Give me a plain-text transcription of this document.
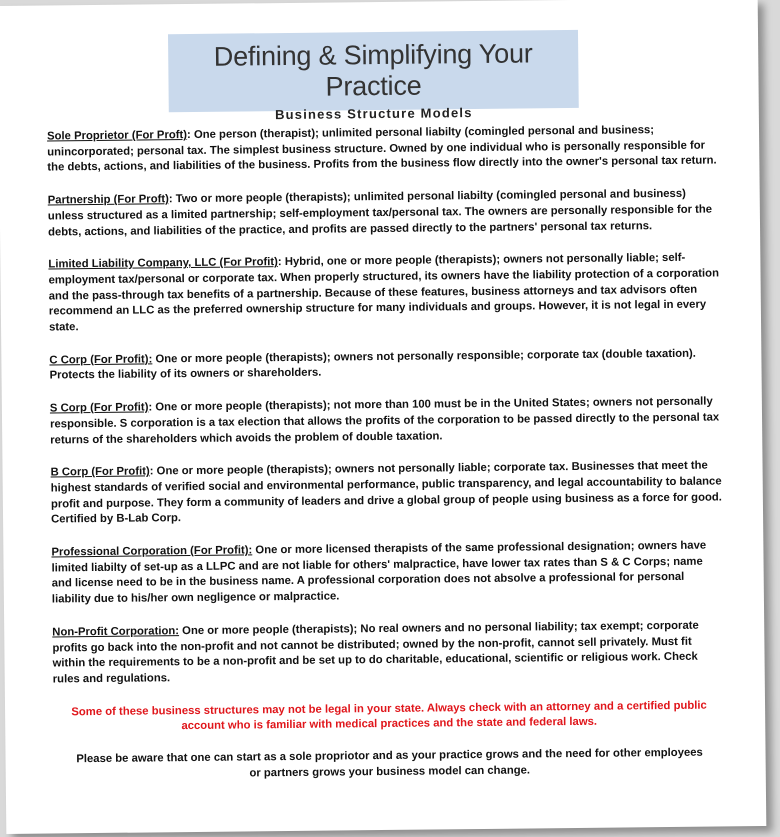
Defining & Simplifying Your Practice
Business Structure Models

Sole Proprietor (For Proft): One person (therapist); unlimited personal liabilty (comingled personal and business; unincorporated; personal tax. The simplest business structure. Owned by one individual who is personally responsible for the debts, actions, and liabilities of the business. Profits from the business flow directly into the owner's personal tax return.

Partnership (For Proft): Two or more people (therapists); unlimited personal liabilty (comingled personal and business) unless structured as a limited partnership; self-employment tax/personal tax. The owners are personally responsible for the debts, actions, and liabilities of the practice, and profits are passed directly to the partners' personal tax returns.

Limited Liability Company, LLC (For Profit): Hybrid, one or more people (therapists); owners not personally liable; self-employment tax/personal or corporate tax. When properly structured, its owners have the liability protection of a corporation and the pass-through tax benefits of a partnership. Because of these features, business attorneys and tax advisors often recommend an LLC as the preferred ownership structure for many individuals and groups. However, it is not legal in every state.

C Corp (For Profit): One or more people (therapists); owners not personally responsible; corporate tax (double taxation). Protects the liability of its owners or shareholders.

S Corp (For Profit): One or more people (therapists); not more than 100 must be in the United States; owners not personally responsible. S corporation is a tax election that allows the profits of the corporation to be passed directly to the personal tax returns of the shareholders which avoids the problem of double taxation.

B Corp (For Profit): One or more people (therapists); owners not personally liable; corporate tax. Businesses that meet the highest standards of verified social and environmental performance, public transparency, and legal accountability to balance profit and purpose. They form a community of leaders and drive a global group of people using business as a force for good. Certified by B-Lab Corp.

Professional Corporation (For Profit): One or more licensed therapists of the same professional designation; owners have limited liabilty of set-up as a LLPC and are not liable for others' malpractice, have lower tax rates than S & C Corps; name and license need to be in the business name. A professional corporation does not absolve a professional for personal liability due to his/her own negligence or malpractice.

Non-Profit Corporation: One or more people (therapists); No real owners and no personal liability; tax exempt; corporate profits go back into the non-profit and not cannot be distributed; owned by the non-profit, cannot sell privately. Must fit within the requirements to be a non-profit and be set up to do charitable, educational, scientific or religious work. Check rules and regulations.

Some of these business structures may not be legal in your state. Always check with an attorney and a certified public account who is familiar with medical practices and the state and federal laws.

Please be aware that one can start as a sole propriotor and as your practice grows and the need for other employees or partners grows your business model can change.
